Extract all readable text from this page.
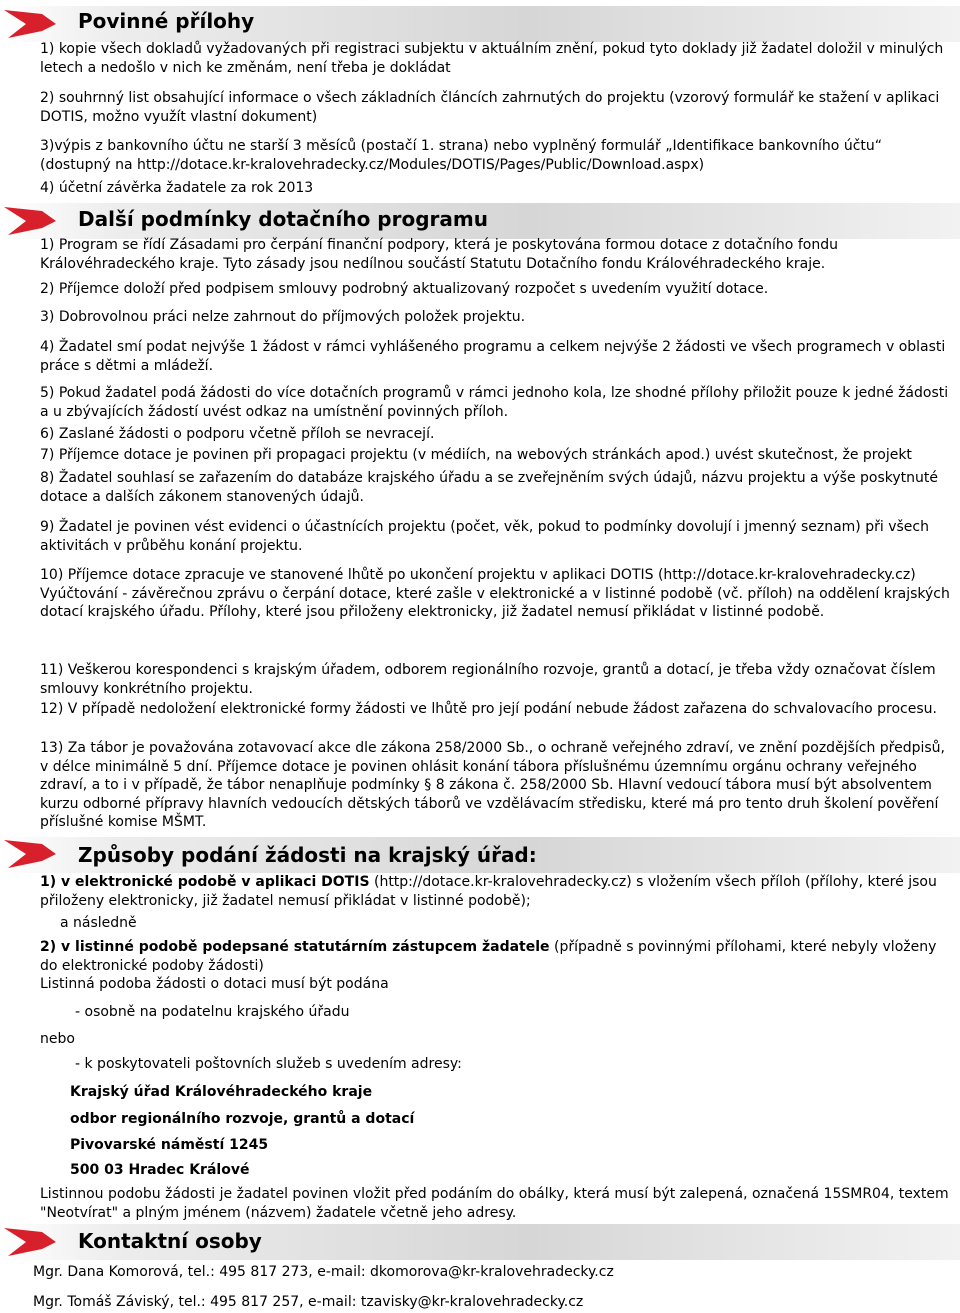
Povinné přílohy

1) kopie všech dokladů vyžadovaných při registraci subjektu v aktuálním znění, pokud tyto doklady již žadatel doložil v minulých letech a nedošlo v nich ke změnám, není třeba je dokládat

2) souhrnný list obsahující informace o všech základních článcích zahrnutých do projektu (vzorový formulář ke stažení v aplikaci DOTIS, možno využít vlastní dokument)

3)výpis z bankovního účtu ne starší 3 měsíců (postačí 1. strana) nebo vyplněný formulář „Identifikace bankovního účtu“ (dostupný na http://dotace.kr-kralovehradecky.cz/Modules/DOTIS/Pages/Public/Download.aspx)

4) účetní závěrka žadatele za rok 2013

Další podmínky dotačního programu

1) Program se řídí Zásadami pro čerpání finanční podpory, která je poskytována formou dotace z dotačního fondu Královéhradeckého kraje. Tyto zásady jsou nedílnou součástí Statutu Dotačního fondu Královéhradeckého kraje.

2) Příjemce doloží před podpisem smlouvy podrobný aktualizovaný rozpočet s uvedením využití dotace.

3) Dobrovolnou práci nelze zahrnout do příjmových položek projektu.

4) Žadatel smí podat nejvýše 1 žádost v rámci vyhlášeného programu a celkem nejvýše 2 žádosti ve všech programech v oblasti práce s dětmi a mládeží.

5) Pokud žadatel podá žádosti do více dotačních programů v rámci jednoho kola, lze shodné přílohy přiložit pouze k jedné žádosti a u zbývajících žádostí uvést odkaz na umístnění povinných příloh.

6) Zaslané žádosti o podporu včetně příloh se nevracejí.

7) Příjemce dotace je povinen při propagaci projektu (v médiích, na webových stránkách apod.) uvést skutečnost, že projekt

8) Žadatel souhlasí se zařazením do databáze krajského úřadu a se zveřejněním svých údajů, názvu projektu a výše poskytnuté dotace a dalších zákonem stanovených údajů.

9) Žadatel je povinen vést evidenci o účastnících projektu (počet, věk, pokud to podmínky dovolují i jmenný seznam) při všech aktivitách v průběhu konání projektu.

10) Příjemce dotace zpracuje ve stanovené lhůtě po ukončení projektu v aplikaci DOTIS (http://dotace.kr-kralovehradecky.cz) Vyúčtování - závěrečnou zprávu o čerpání dotace, které zašle v elektronické a v listinné podobě (vč. příloh) na oddělení krajských dotací krajského úřadu. Přílohy, které jsou přiloženy elektronicky, již žadatel nemusí přikládat v listinné podobě.

11) Veškerou korespondenci s krajským úřadem, odborem regionálního rozvoje, grantů a dotací, je třeba vždy označovat číslem smlouvy konkrétního projektu.

12) V případě nedoložení elektronické formy žádosti ve lhůtě pro její podání nebude žádost zařazena do schvalovacího procesu.

13) Za tábor je považována zotavovací akce dle zákona 258/2000 Sb., o ochraně veřejného zdraví, ve znění pozdějších předpisů, v délce minimálně 5 dní. Příjemce dotace je povinen ohlásit konání tábora příslušnému územnímu orgánu ochrany veřejného zdraví, a to i v případě, že tábor nenaplňuje podmínky § 8 zákona č. 258/2000 Sb. Hlavní vedoucí tábora musí být absolventem kurzu odborné přípravy hlavních vedoucích dětských táborů ve vzdělávacím středisku, které má pro tento druh školení pověření příslušné komise MŠMT.

Způsoby podání žádosti na krajský úřad:

1) v elektronické podobě v aplikaci DOTIS (http://dotace.kr-kralovehradecky.cz) s vložením všech příloh (přílohy, které jsou přiloženy elektronicky, již žadatel nemusí přikládat v listinné podobě);

a následně

2) v listinné podobě podepsané statutárním zástupcem žadatele (případně s povinnými přílohami, které nebyly vloženy do elektronické podoby žádosti)

Listinná podoba žádosti o dotaci musí být podána

- osobně na podatelnu krajského úřadu

nebo

- k poskytovateli poštovních služeb s uvedením adresy:
Krajský úřad Královéhradeckého kraje
odbor regionálního rozvoje, grantů a dotací
Pivovarské náměstí 1245
500 03 Hradec Králové

Listinnou podobu žádosti je žadatel povinen vložit před podáním do obálky, která musí být zalepená, označená 15SMR04, textem "Neotvírat" a plným jménem (názvem) žadatele včetně jeho adresy.

Kontaktní osoby

Mgr. Dana Komorová, tel.: 495 817 273, e-mail: dkomorova@kr-kralovehradecky.cz

Mgr. Tomáš Záviský, tel.: 495 817 257, e-mail: tzavisky@kr-kralovehradecky.cz
